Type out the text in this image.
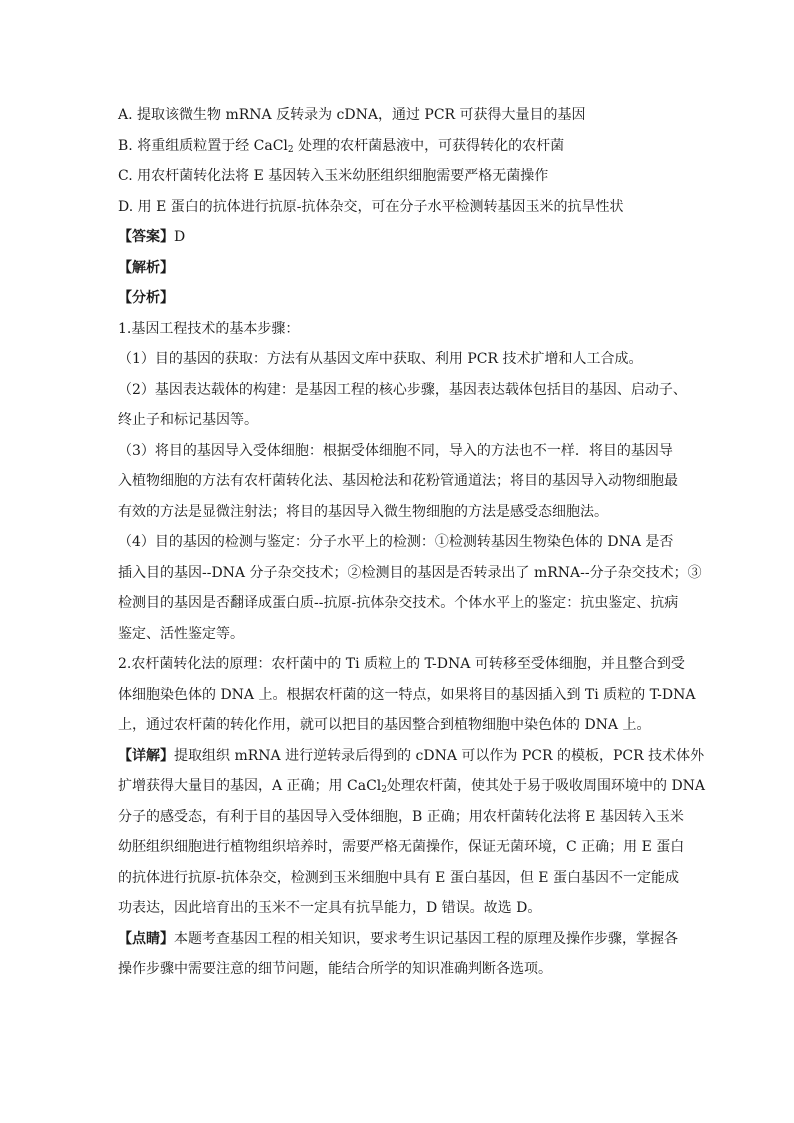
A. 提取该微生物 mRNA 反转录为 cDNA，通过 PCR 可获得大量目的基因
B. 将重组质粒置于经 CaCl$_2$ 处理的农杆菌悬液中，可获得转化的农杆菌
C. 用农杆菌转化法将 E 基因转入玉米幼胚组织细胞需要严格无菌操作
D. 用 E 蛋白的抗体进行抗原-抗体杂交，可在分子水平检测转基因玉米的抗旱性状
【答案】D
【解析】
【分析】
1.基因工程技术的基本步骤：
（1）目的基因的获取：方法有从基因文库中获取、利用 PCR 技术扩增和人工合成。
（2）基因表达载体的构建：是基因工程的核心步骤，基因表达载体包括目的基因、启动子、
终止子和标记基因等。
（3）将目的基因导入受体细胞：根据受体细胞不同，导入的方法也不一样．将目的基因导
入植物细胞的方法有农杆菌转化法、基因枪法和花粉管通道法；将目的基因导入动物细胞最
有效的方法是显微注射法；将目的基因导入微生物细胞的方法是感受态细胞法。
（4）目的基因的检测与鉴定：分子水平上的检测：①检测转基因生物染色体的 DNA 是否
插入目的基因--DNA 分子杂交技术；②检测目的基因是否转录出了 mRNA--分子杂交技术；③
检测目的基因是否翻译成蛋白质--抗原-抗体杂交技术。个体水平上的鉴定：抗虫鉴定、抗病
鉴定、活性鉴定等。
2.农杆菌转化法的原理：农杆菌中的 Ti 质粒上的 T-DNA 可转移至受体细胞，并且整合到受
体细胞染色体的 DNA 上。根据农杆菌的这一特点，如果将目的基因插入到 Ti 质粒的 T-DNA
上，通过农杆菌的转化作用，就可以把目的基因整合到植物细胞中染色体的 DNA 上。
【详解】提取组织 mRNA 进行逆转录后得到的 cDNA 可以作为 PCR 的模板，PCR 技术体外
扩增获得大量目的基因，A 正确；用 CaCl$_2$处理农杆菌，使其处于易于吸收周围环境中的 DNA
分子的感受态，有利于目的基因导入受体细胞，B 正确；用农杆菌转化法将 E 基因转入玉米
幼胚组织细胞进行植物组织培养时，需要严格无菌操作，保证无菌环境，C 正确；用 E 蛋白
的抗体进行抗原-抗体杂交，检测到玉米细胞中具有 E 蛋白基因，但 E 蛋白基因不一定能成
功表达，因此培育出的玉米不一定具有抗旱能力，D 错误。故选 D。
【点睛】本题考查基因工程的相关知识，要求考生识记基因工程的原理及操作步骤，掌握各
操作步骤中需要注意的细节问题，能结合所学的知识准确判断各选项。
